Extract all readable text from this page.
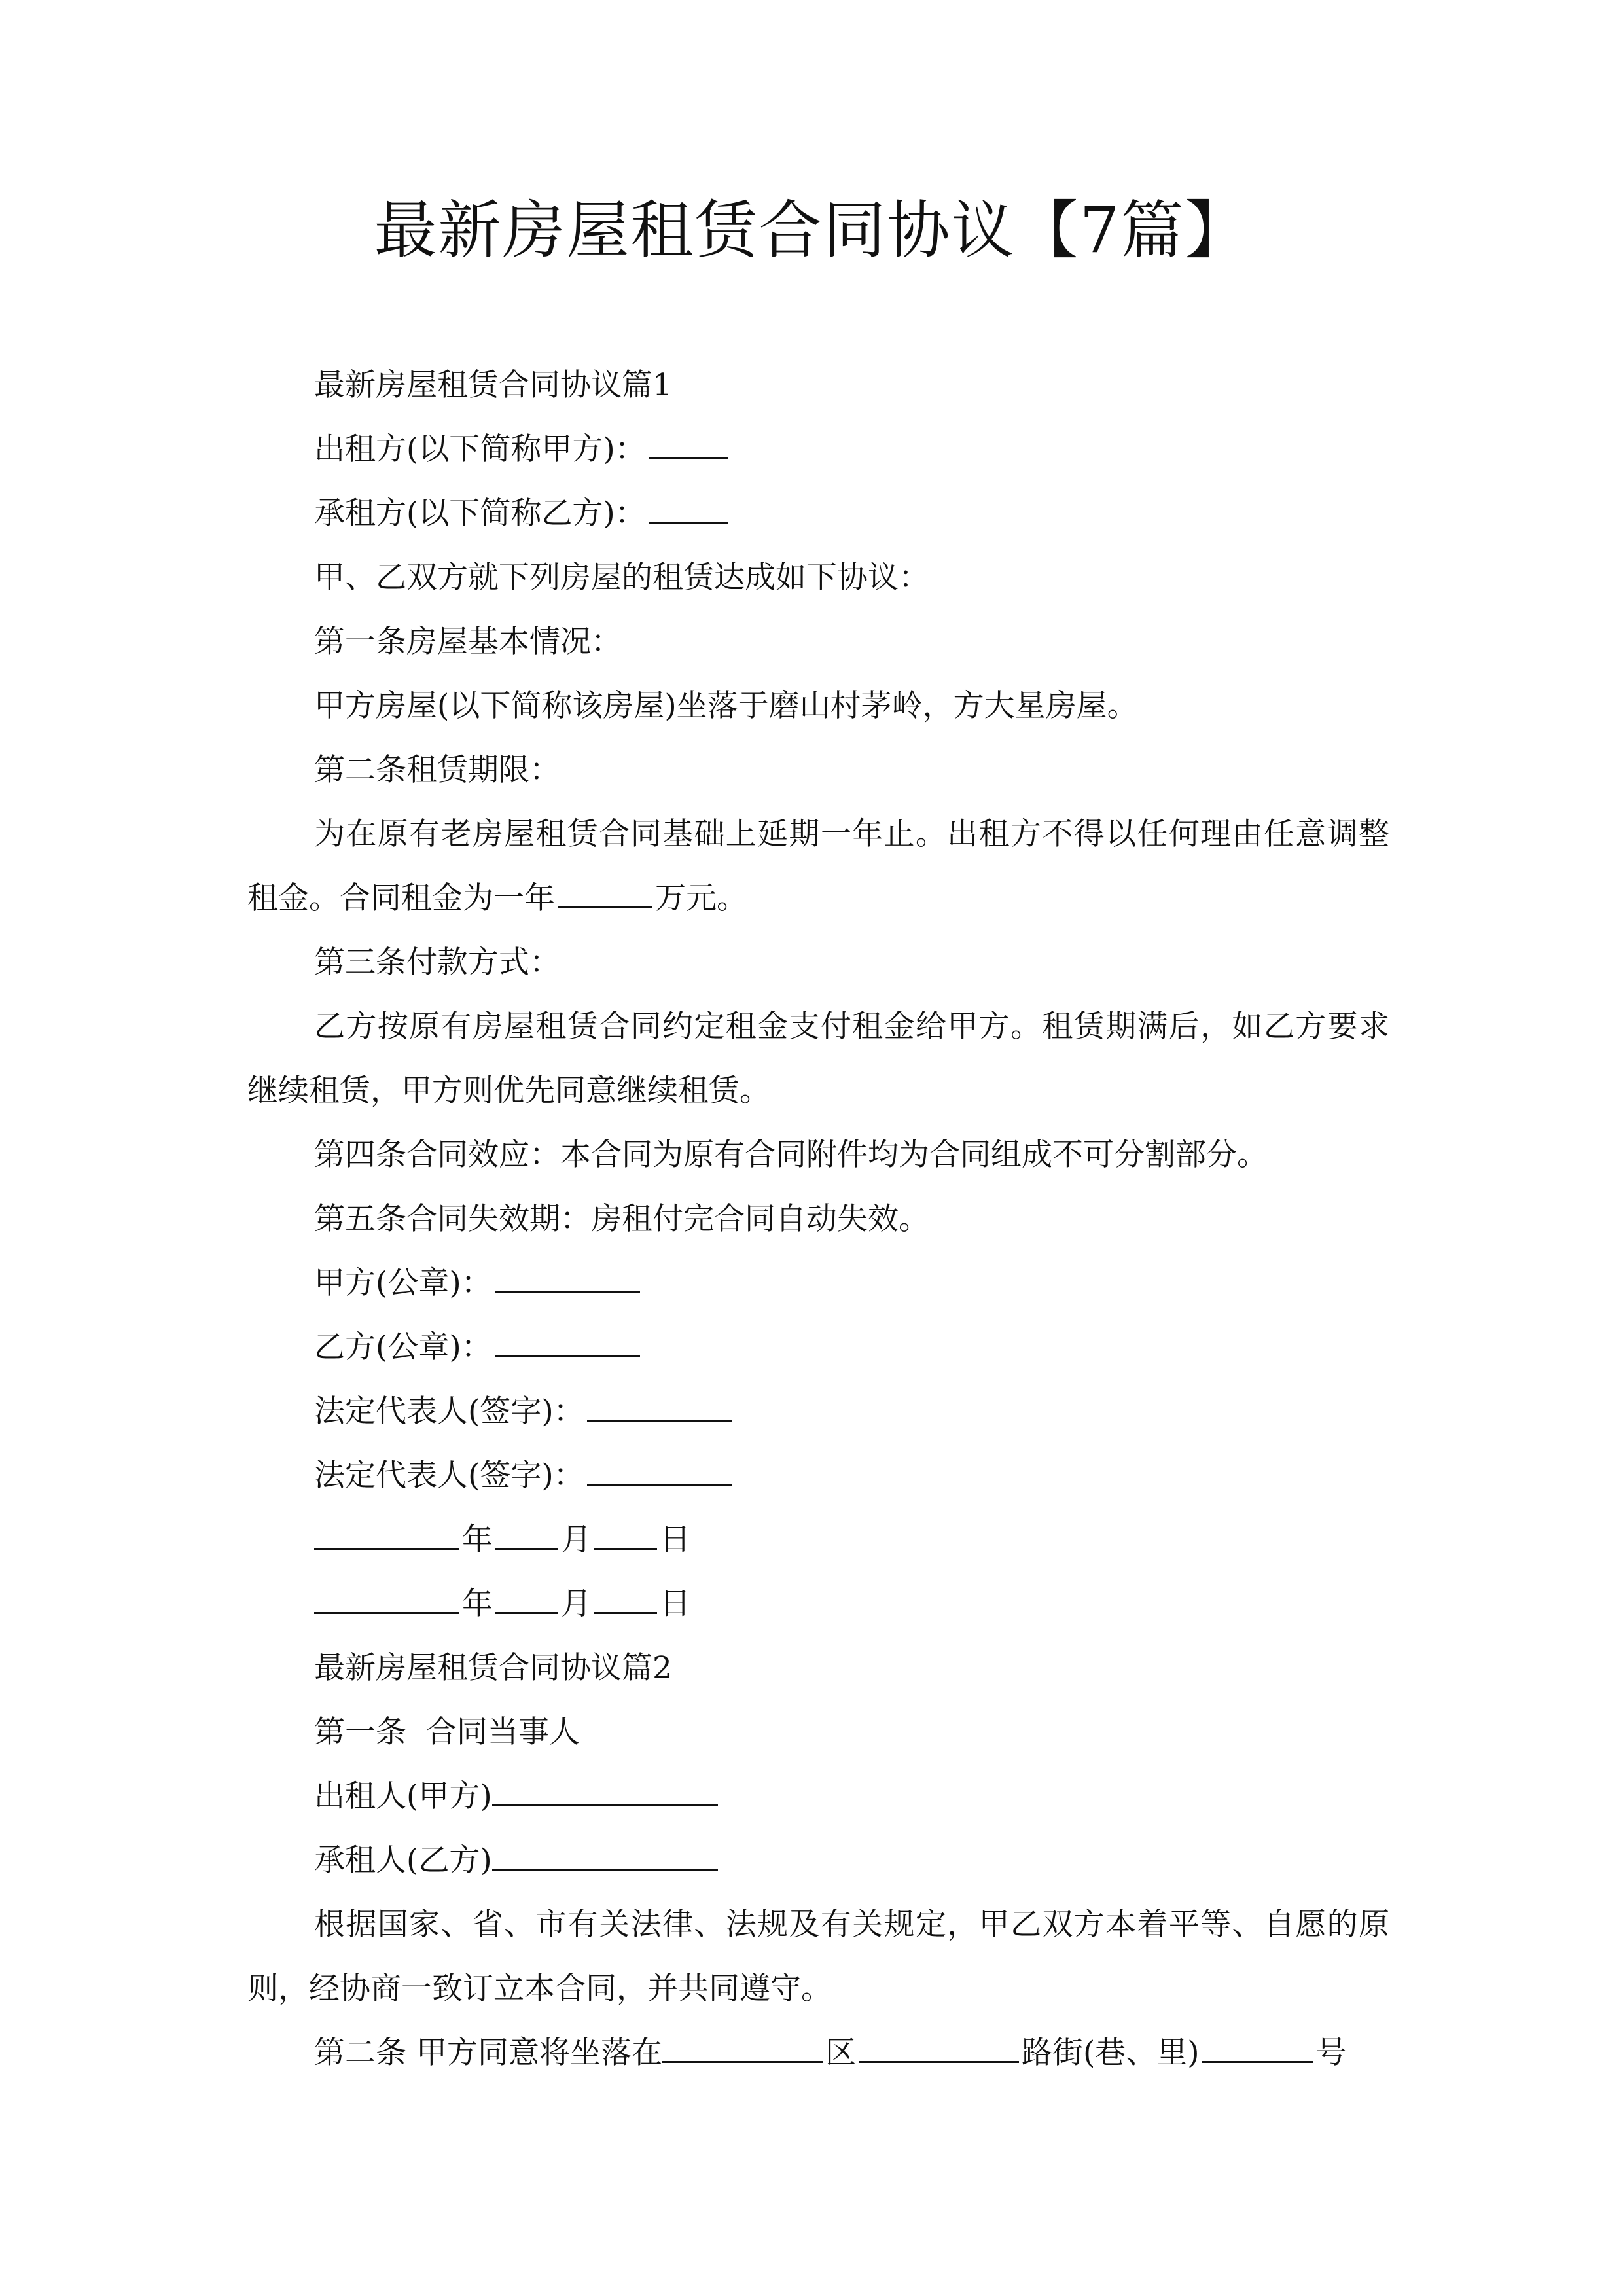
最新房屋租赁合同协议【7篇】

最新房屋租赁合同协议篇1

出租方(以下简称甲方)：

承租方(以下简称乙方)：

甲、乙双方就下列房屋的租赁达成如下协议：

第一条房屋基本情况：

甲方房屋(以下简称该房屋)坐落于磨山村茅岭，方大星房屋。

第二条租赁期限：

为在原有老房屋租赁合同基础上延期一年止。出租方不得以任何理由任意调整租金。合同租金为一年	万元。

第三条付款方式：

乙方按原有房屋租赁合同约定租金支付租金给甲方。租赁期满后，如乙方要求继续租赁，甲方则优先同意继续租赁。

第四条合同效应：本合同为原有合同附件均为合同组成不可分割部分。

第五条合同失效期：房租付完合同自动失效。

甲方(公章)：

乙方(公章)：

法定代表人(签字)：

法定代表人(签字)：

年 月 日

年 月 日

最新房屋租赁合同协议篇2

第一条  合同当事人

出租人(甲方)

承租人(乙方)

根据国家、省、市有关法律、法规及有关规定，甲乙双方本着平等、自愿的原则，经协商一致订立本合同，并共同遵守。

第二条 甲方同意将坐落在	区	路街(巷、里)	号
